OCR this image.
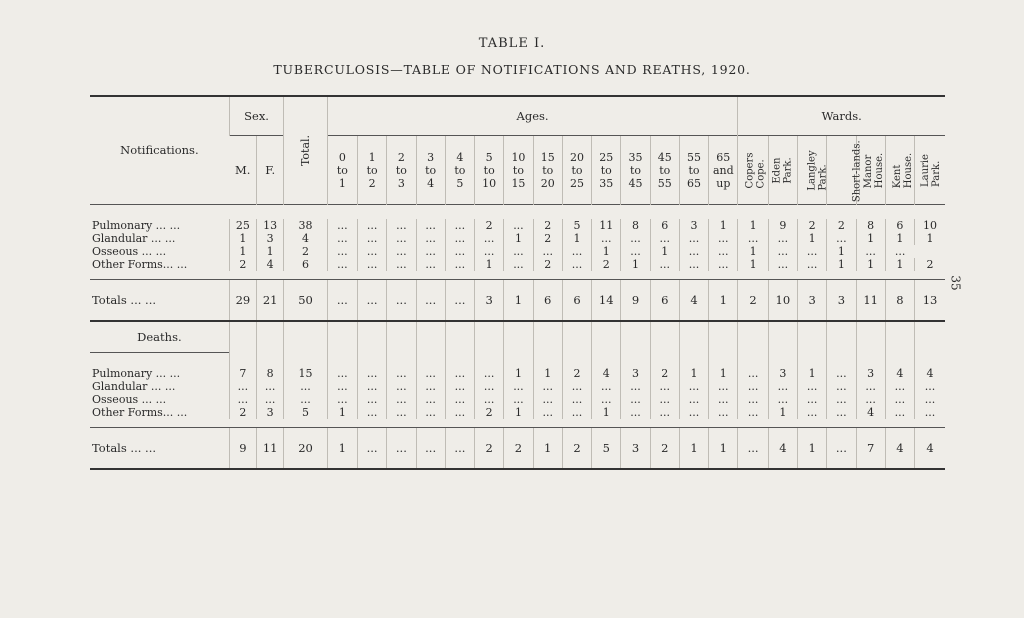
TABLE I.
TUBERCULOSIS—TABLE OF NOTIFICATIONS AND REATHS, 1920.
35
Notifications.	Sex.		Total.	Ages.														Wards.						
	M.	F.		0
to
1	1
to
2	2
to
3	3
to
4	4
to
5	5
to
10	10
to
15	15
to
20	20
to
25	25
to
35	35
to
45	45
to
55	55
to
65	65
and
up	Copers
Cope.	Eden
Park.	Langley
Park.	Short-lands.	Manor
House.	Kent
House.	Laurie
Park.

Pulmonary ... ...	25	13	38	...	...	...	...	...	2	...	2	5	11	8	6	3	1	1	9	2	2	8	6	10
Glandular ... ...	1	3	4	...	...	...	...	...	...	1	2	1	...	...	...	...	...	...	...	1	...	1	1	1
Osseous ... ...	1	1	2	...	...	...	...	...	...	...	...	...	1	...	1	...	...	1	...	...	1	...	...	
Other Forms... ...	2	4	6	...	...	...	...	...	1	...	2	...	2	1	...	...	...	1	...	...	1	1	1	2

Totals ... ...	29	21	50	...	...	...	...	...	3	1	6	6	14	9	6	4	1	2	10	3	3	11	8	13
Deaths.																								

Pulmonary ... ...	7	8	15	...	...	...	...	...	...	1	1	2	4	3	2	1	1	...	3	1	...	3	4	4
Glandular ... ...	...	...	...	...	...	...	...	...	...	...	...	...	...	...	...	...	...	...	...	...	...	...	...	...
Osseous ... ...	...	...	...	...	...	...	...	...	...	...	...	...	...	...	...	...	...	...	...	...	...	...	...	...
Other Forms... ...	2	3	5	1	...	...	...	...	2	1	...	...	1	...	...	...	...	...	1	...	...	4	...	...

Totals ... ...	9	11	20	1	...	...	...	...	2	2	1	2	5	3	2	1	1	...	4	1	...	7	4	4
